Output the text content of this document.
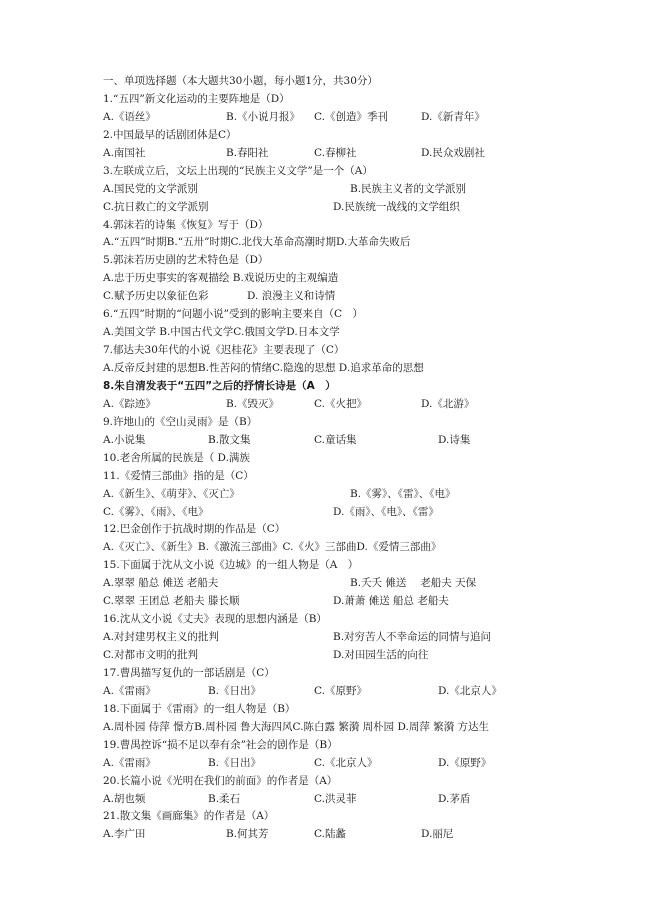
一、单项选择题（本大题共30小题，每小题1分，共30分）
1.“五四”新文化运动的主要阵地是（D）
A.《语丝》	B.《小说月报》 C.《创造》季刊	D.《新青年》
2.中国最早的话剧团体是C）
A.南国社	B.春阳社	C.春柳社	D.民众戏剧社
3.左联成立后，文坛上出现的“民族主义文学”是一个（A）
A.国民党的文学派别	B.民族主义者的文学派别
C.抗日救亡的文学派别	D.民族统一战线的文学组织
4.郭沫若的诗集《恢复》写于（D）
A.“五四”时期B.“五卅”时期C.北伐大革命高潮时期D.大革命失败后
5.郭沫若历史剧的艺术特色是（D）
A.忠于历史事实的客观描绘 B.戏说历史的主观编造
C.赋予历史以象征色彩	D. 浪漫主义和诗情
6.“五四”时期的“问题小说”受到的影响主要来自（C　）
A.美国文学 B.中国古代文学C.俄国文学D.日本文学
7.郁达夫30年代的小说《迟桂花》主要表现了（C）
A.反帝反封建的思想B.性苦闷的情绪C.隐逸的思想 D.追求革命的思想
8.朱自清发表于“五四”之后的抒情长诗是（A　）
A.《踪迹》	B.《毁灭》	C.《火把》	D.《北游》
9.许地山的《空山灵雨》是（B）
A.小说集	B.散文集	C.童话集	D.诗集
10.老舍所属的民族是（ D.满族
11.《爱情三部曲》指的是（C）
A.《新生》、《萌芽》、《灭亡》	B.《雾》、《雷》、《电》
C.《雾》、《雨》、《电》	D.《雨》、《电》、《雷》
12.巴金创作于抗战时期的作品是（C）
A.《灭亡》、《新生》B.《激流三部曲》C.《火》三部曲D.《爱情三部曲》
15.下面属于沈从文小说《边城》的一组人物是（A　）
A.翠翠 船总 傩送 老船夫	B.夭夭 傩送　 老船夫 天保
C.翠翠 王团总 老船夫 滕长顺	D.萧萧 傩送 船总 老船夫
16.沈从文小说《丈夫》表现的思想内涵是（B）
A.对封建男权主义的批判	B.对穷苦人不幸命运的同情与追问
C.对都市文明的批判	D.对田园生活的向往
17.曹禺描写复仇的一部话剧是（C）
A.《雷雨》	B.《日出》	C.《原野》	D.《北京人》
18.下面属于《雷雨》的一组人物是（B）
A.周朴园 侍萍 憬方B.周朴园 鲁大海四风C.陈白露 繁漪 周朴园 D.周萍 繁漪 方达生
19.曹禺控诉“损不足以奉有余”社会的剧作是（B）
A.《雷雨》	B.《日出》	C.《北京人》	D.《原野》
20.长篇小说《光明在我们的前面》的作者是（A）
A.胡也频	B.柔石	C.洪灵菲	D.茅盾
21.散文集《画廊集》的作者是（A）
A.李广田	B.何其芳	C.陆蠡	D.丽尼
